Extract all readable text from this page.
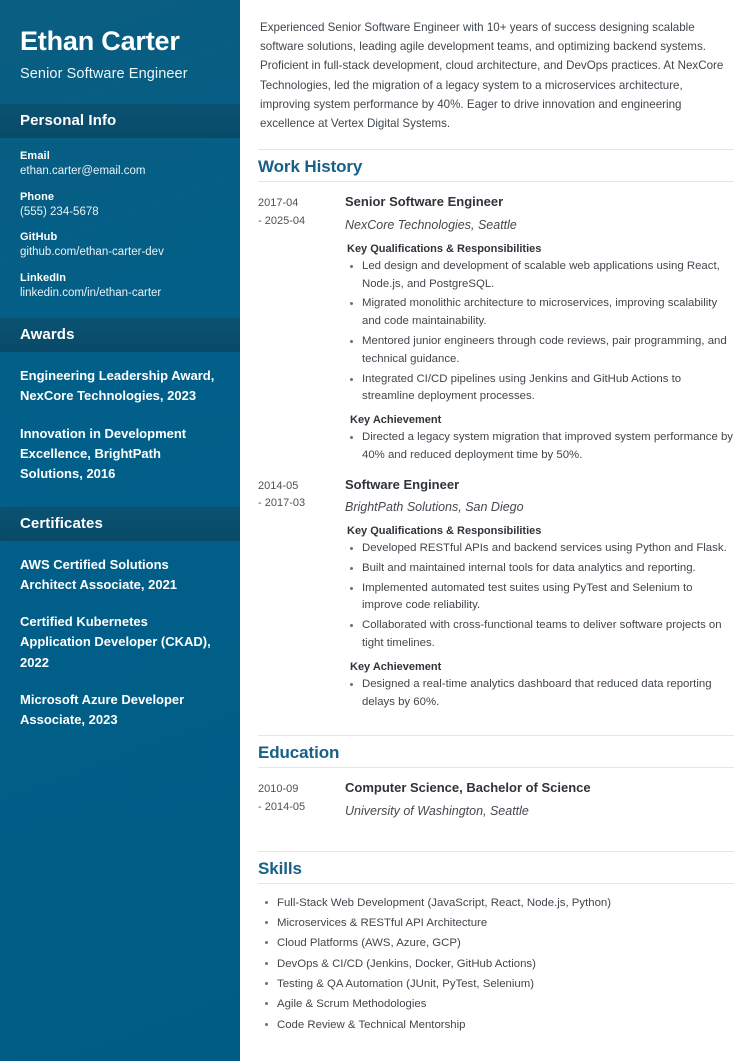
Ethan Carter
Senior Software Engineer
Personal Info
Email
ethan.carter@email.com
Phone
(555) 234-5678
GitHub
github.com/ethan-carter-dev
LinkedIn
linkedin.com/in/ethan-carter
Awards
Engineering Leadership Award, NexCore Technologies, 2023
Innovation in Development Excellence, BrightPath Solutions, 2016
Certificates
AWS Certified Solutions Architect Associate, 2021
Certified Kubernetes Application Developer (CKAD), 2022
Microsoft Azure Developer Associate, 2023

Experienced Senior Software Engineer with 10+ years of success designing scalable software solutions, leading agile development teams, and optimizing backend systems. Proficient in full-stack development, cloud architecture, and DevOps practices. At NexCore Technologies, led the migration of a legacy system to a microservices architecture, improving system performance by 40%. Eager to drive innovation and engineering excellence at Vertex Digital Systems.

Work History
2017-04
- 2025-04
Senior Software Engineer
NexCore Technologies, Seattle
Key Qualifications & Responsibilities
Led design and development of scalable web applications using React, Node.js, and PostgreSQL.
Migrated monolithic architecture to microservices, improving scalability and code maintainability.
Mentored junior engineers through code reviews, pair programming, and technical guidance.
Integrated CI/CD pipelines using Jenkins and GitHub Actions to streamline deployment processes.
Key Achievement
Directed a legacy system migration that improved system performance by 40% and reduced deployment time by 50%.
2014-05
- 2017-03
Software Engineer
BrightPath Solutions, San Diego
Key Qualifications & Responsibilities
Developed RESTful APIs and backend services using Python and Flask.
Built and maintained internal tools for data analytics and reporting.
Implemented automated test suites using PyTest and Selenium to improve code reliability.
Collaborated with cross-functional teams to deliver software projects on tight timelines.
Key Achievement
Designed a real-time analytics dashboard that reduced data reporting delays by 60%.
Education
2010-09
- 2014-05
Computer Science, Bachelor of Science
University of Washington, Seattle
Skills
Full-Stack Web Development (JavaScript, React, Node.js, Python)
Microservices & RESTful API Architecture
Cloud Platforms (AWS, Azure, GCP)
DevOps & CI/CD (Jenkins, Docker, GitHub Actions)
Testing & QA Automation (JUnit, PyTest, Selenium)
Agile & Scrum Methodologies
Code Review & Technical Mentorship
